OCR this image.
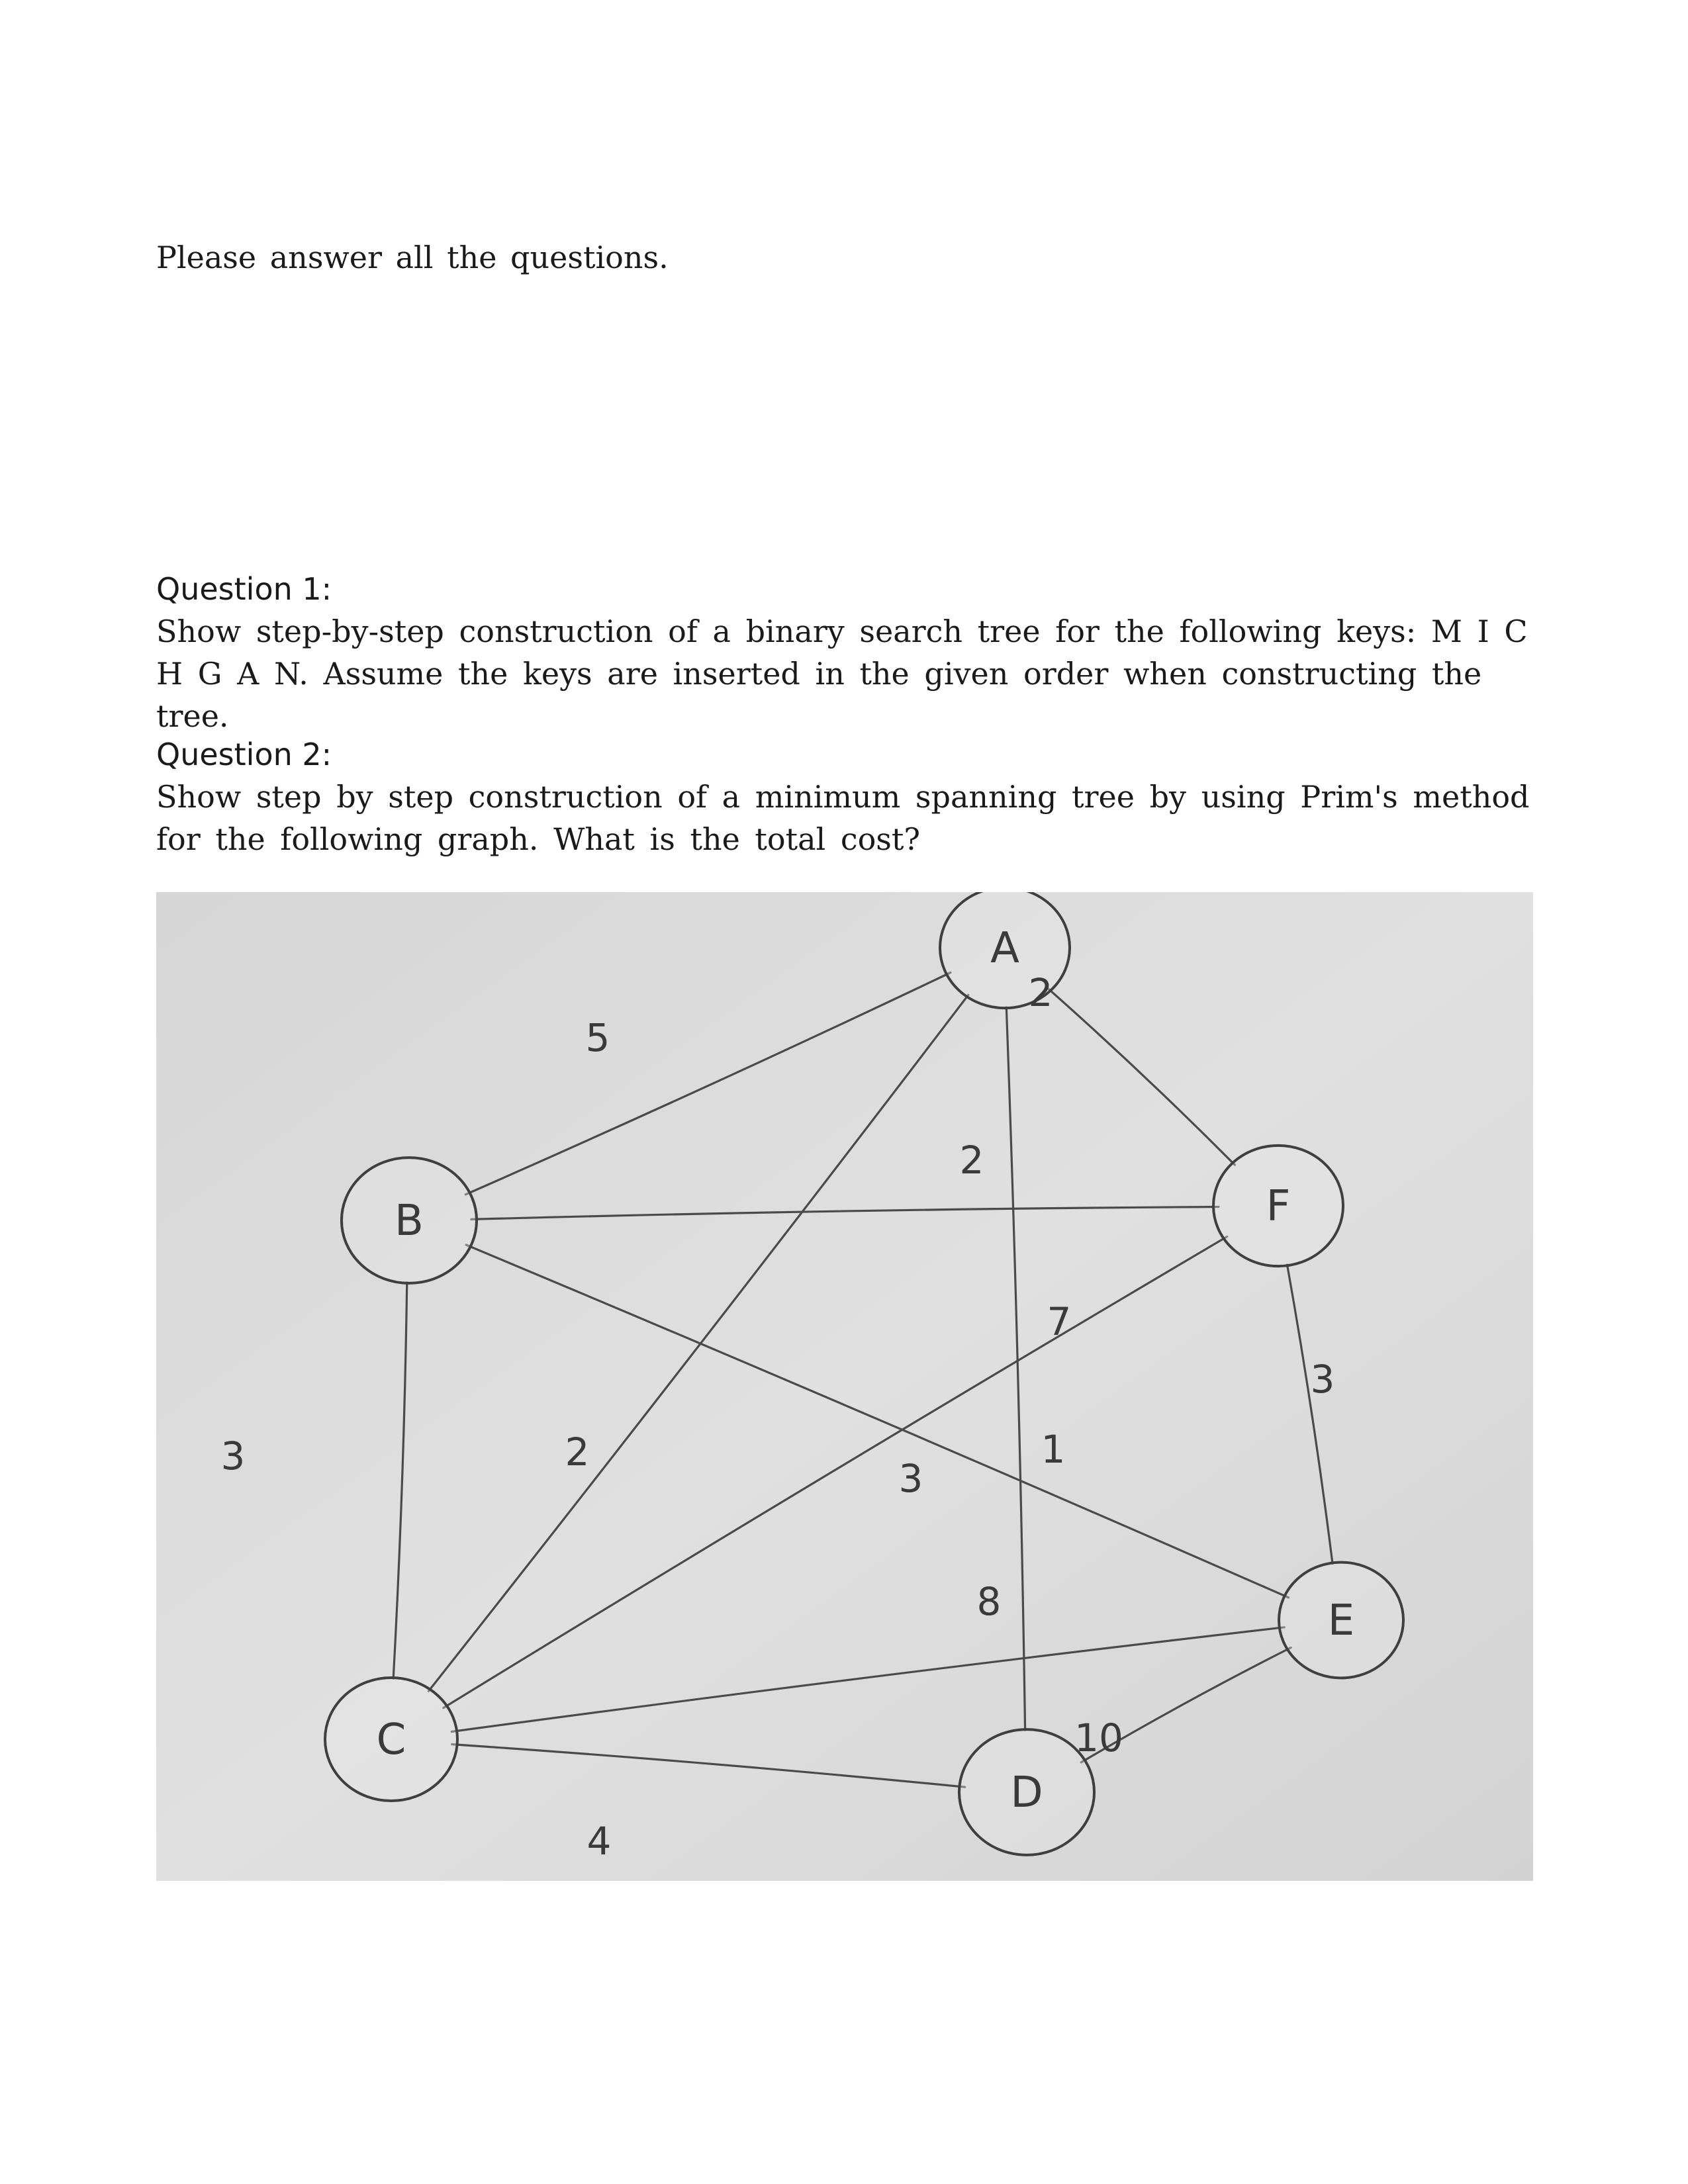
Please answer all the questions.

Question 1:

Show step-by-step construction of a binary search tree for the following keys: M I C H G A N. Assume the keys are inserted in the given order when constructing the tree.

Question 2:

Show step by step construction of a minimum spanning tree by using Prim's method for the following graph. What is the total cost?

A
B
C
D
E
F
5
2
2
3
2
3	1
7
8
4
10
3
